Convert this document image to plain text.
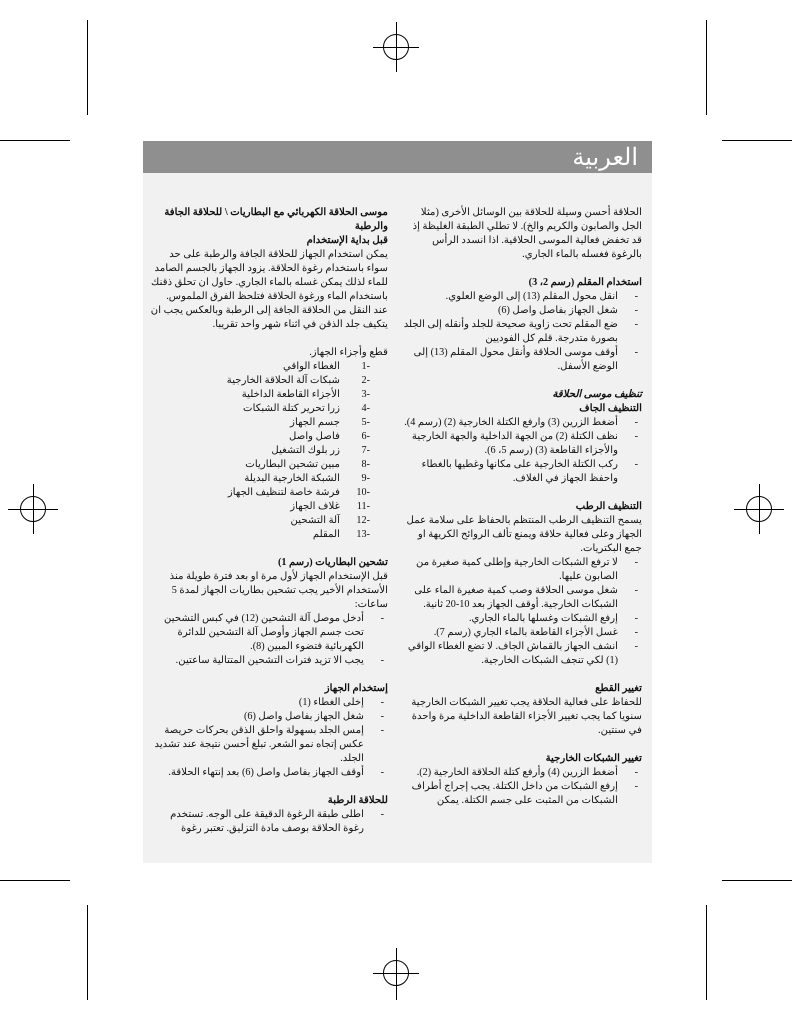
العربية
الحلاقة أحسن وسيلة للحلاقة بين الوسائل الأخرى (مثلا الجل والصابون والكريم والخ). لا تطلي الطبقة الغليظة إذ قد تخفض فعالية الموسى الحلاقية. اذا انسدد الرأس بالرغوة فغسله بالماء الجاري.
استخدام المقلم (رسم 2، 3)
- انقل محول المقلم (13) إلى الوضع العلوي.
- شغل الجهاز بفاصل واصل (6)
- ضع المقلم تحت زاوية صحيحة للجلد وأنقله إلى الجلد بصورة متدرجة. قلم كل الفوديين
- أوقف موسى الحلاقة وأنقل محول المقلم (13) إلى الوضع الأسفل.
تنظيف موسى الحلاقة
التنظيف الجاف
- أضغط الزرين (3) وارفع الكتلة الخارجية (2) (رسم 4).
- نظف الكتلة (2) من الجهة الداخلية والجهة الخارجية والأجزاء القاطعة (3) (رسم 5، 6).
- ركب الكتلة الخارجية على مكانها وغطيها بالغطاء واحفظ الجهاز في الغلاف.
التنظيف الرطب
يسمح التنظيف الرطب المنتظم بالحفاظ على سلامة عمل الجهاز وعلى فعالية حلاقة ويمنع تألف الروائح الكريهة او جمع البكتريات.
- لا ترفع الشبكات الخارجية وإطلى كمية صغيرة من الصابون عليها.
- شغل موسى الحلاقة وصب كمية صغيرة الماء على الشبكات الخارجية. أوقف الجهاز بعد 10-20 ثانية.
- إرفع الشبكات وغسلها بالماء الجاري.
- غسل الأجزاء القاطعة بالماء الجاري (رسم 7).
- انشف الجهاز بالقماش الجاف. لا تضع الغطاء الواقي (1) لكي تنجف الشبكات الخارجية.
تغيير القطع
للحفاظ على فعالية الحلاقة يجب تغيير الشبكات الخارجية سنويا كما يجب تغيير الأجزاء القاطعة الداخلية مرة واحدة في سنتين.
تغيير الشبكات الخارجية
- أضغط الزرين (4) وأرفع كتلة الحلاقة الخارجية (2).
- إرفع الشبكات من داخل الكتلة. يجب إجراج أطراف الشبكات من المثبت على جسم الكتلة. يمكن
موسى الحلاقة الكهربائي مع البطاريات \ للحلاقة الجافة والرطبة
قبل بداية الإستخدام
يمكن استخدام الجهاز للحلاقة الجافة والرطبة على حد سواء باستخدام رغوة الحلاقة. يزود الجهاز بالجسم الصامد للماء لذلك يمكن غسله بالماء الجاري. حاول ان تحلق ذقنك باستخدام الماء ورغوة الحلاقة فتلحظ الفرق الملموس. عند النقل من الحلاقة الجافة إلى الرطبة وبالعكس يجب ان يتكيف جلد الذقن في اثناء شهر واحد تقريبا.
قطع وأجزاء الجهاز.
1-
الغطاء الواقي
2-
شبكات آلة الحلاقة الخارجية
3-
الأجزاء القاطعة الداخلية
4-
زرا تحرير كتلة الشبكات
5-
جسم الجهاز
6-
فاصل واصل
7-
زر بلوك التشغيل
8-
مبين تشحين البطاريات
9-
الشبكة الخارجية البديلة
10-
فرشة خاصة لتنظيف الجهاز
11-
غلاف الجهاز
12-
آلة التشحين
13-
المقلم
تشحين البطاريات (رسم 1)
قبل الإستخدام الجهاز لأول مرة او بعد فترة طويلة منذ الأستخدام الأخير يجب تشحين بطاريات الجهاز لمدة 5 ساعات:
- أدخل موصل آلة التشحين (12) في كبس التشحين تحت جسم الجهاز وأوصل آلة التشحين للدائرة الكهربائية فتضوء المبين (8).
- يجب الا تزيد فترات التشحين المتتالية ساعتين.
إستخدام الجهاز
- إخلى الغطاء (1)
- شغل الجهاز بفاصل واصل (6)
- إمس الجلد بسهولة واحلق الذقن بحركات حريصة عكس إتجاه نمو الشعر. تبلغ أحسن نتيجة عند تشديد الجلد.
- أوقف الجهاز بفاصل واصل (6) بعد إنتهاء الحلاقة.
للحلاقة الرطبة
- اطلى طبقة الرغوة الدقيقة على الوجه. تستخدم رغوة الحلاقة بوصف مادة التزليق. تعتبر رغوة
